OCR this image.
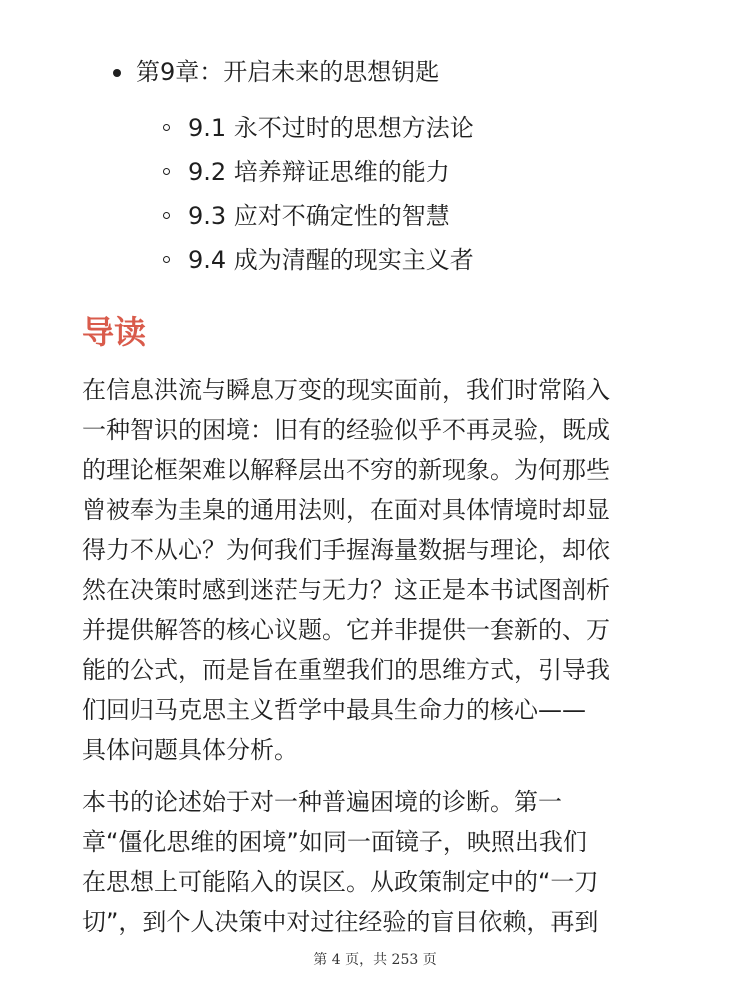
第9章：开启未来的思想钥匙
9.1 永不过时的思想方法论
9.2 培养辩证思维的能力
9.3 应对不确定性的智慧
9.4 成为清醒的现实主义者
导读
在信息洪流与瞬息万变的现实面前，我们时常陷入
一种智识的困境：旧有的经验似乎不再灵验，既成
的理论框架难以解释层出不穷的新现象。为何那些
曾被奉为圭臬的通用法则，在面对具体情境时却显
得力不从心？为何我们手握海量数据与理论，却依
然在决策时感到迷茫与无力？这正是本书试图剖析
并提供解答的核心议题。它并非提供一套新的、万
能的公式，而是旨在重塑我们的思维方式，引导我
们回归马克思主义哲学中最具生命力的核心——
具体问题具体分析。
本书的论述始于对一种普遍困境的诊断。第一
章“僵化思维的困境”如同一面镜子，映照出我们
在思想上可能陷入的误区。从政策制定中的“一刀
切”，到个人决策中对过往经验的盲目依赖，再到
第 4 页，共 253 页
